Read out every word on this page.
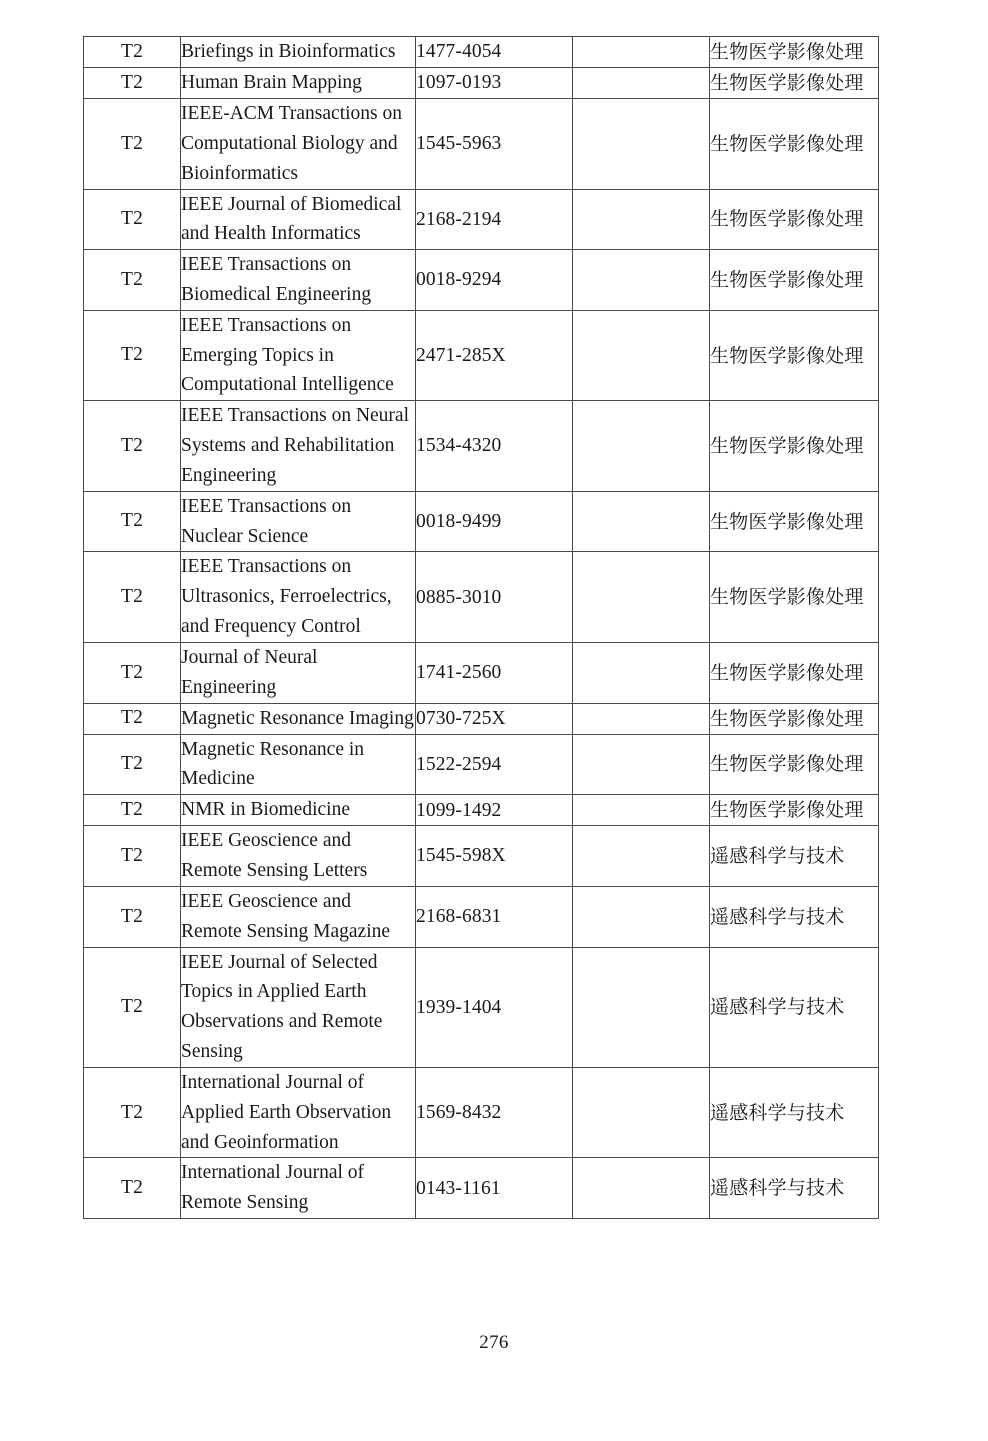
T2	Briefings in Bioinformatics	1477-4054		生物医学影像处理
T2	Human Brain Mapping	1097-0193		生物医学影像处理
T2	IEEE-ACM Transactions on Computational Biology and Bioinformatics	1545-5963		生物医学影像处理
T2	IEEE Journal of Biomedical and Health Informatics	2168-2194		生物医学影像处理
T2	IEEE Transactions on Biomedical Engineering	0018-9294		生物医学影像处理
T2	IEEE Transactions on Emerging Topics in Computational Intelligence	2471-285X		生物医学影像处理
T2	IEEE Transactions on Neural Systems and Rehabilitation Engineering	1534-4320		生物医学影像处理
T2	IEEE Transactions on Nuclear Science	0018-9499		生物医学影像处理
T2	IEEE Transactions on Ultrasonics, Ferroelectrics, and Frequency Control	0885-3010		生物医学影像处理
T2	Journal of Neural Engineering	1741-2560		生物医学影像处理
T2	Magnetic Resonance Imaging	0730-725X		生物医学影像处理
T2	Magnetic Resonance in Medicine	1522-2594		生物医学影像处理
T2	NMR in Biomedicine	1099-1492		生物医学影像处理
T2	IEEE Geoscience and Remote Sensing Letters	1545-598X		遥感科学与技术
T2	IEEE Geoscience and Remote Sensing Magazine	2168-6831		遥感科学与技术
T2	IEEE Journal of Selected Topics in Applied Earth Observations and Remote Sensing	1939-1404		遥感科学与技术
T2	International Journal of Applied Earth Observation and Geoinformation	1569-8432		遥感科学与技术
T2	International Journal of Remote Sensing	0143-1161		遥感科学与技术
276
